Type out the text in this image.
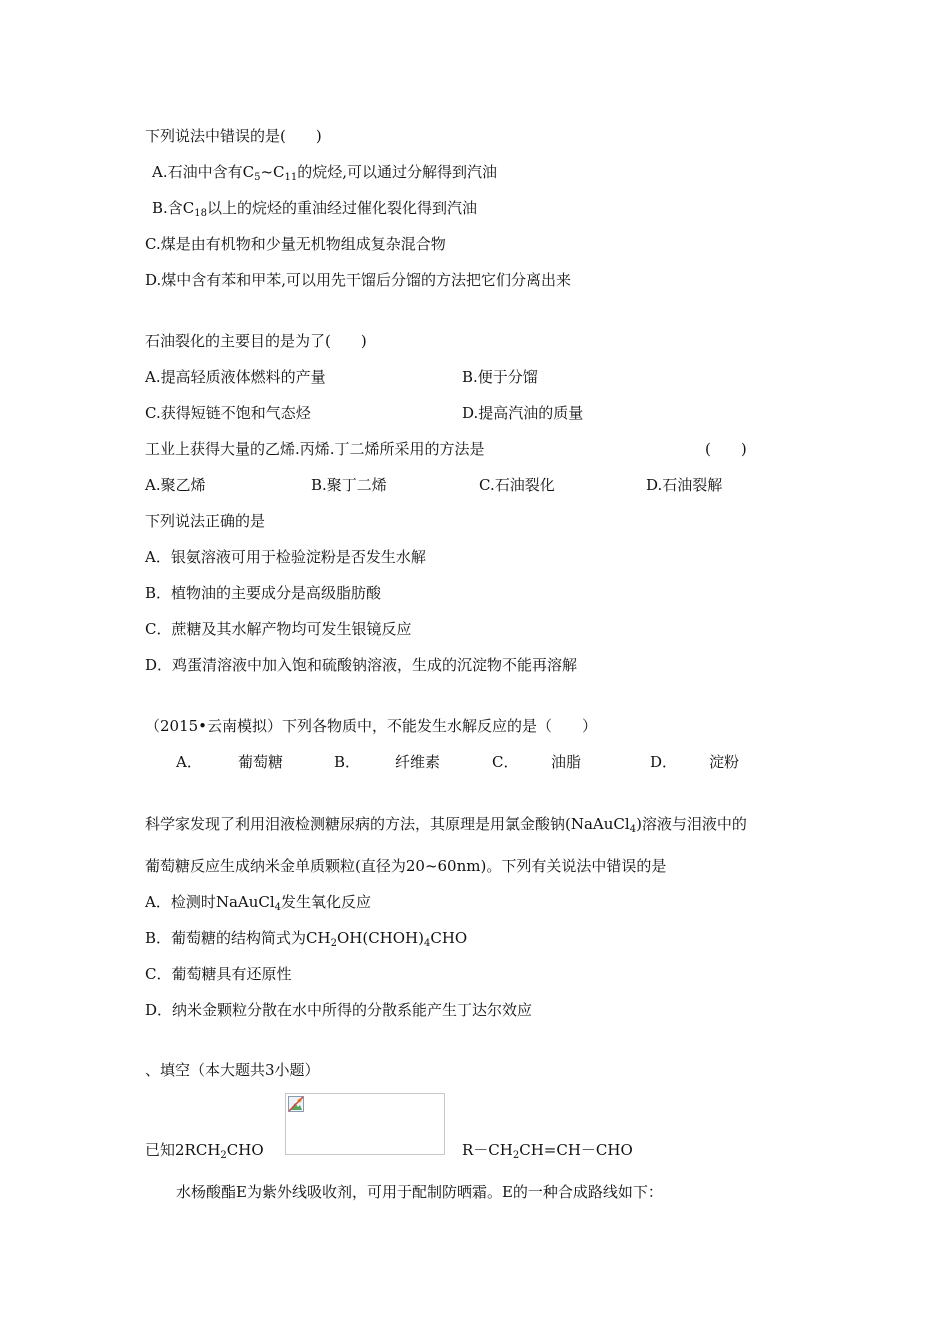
下列说法中错误的是(　　)
A.石油中含有$C_5\sim C_{11}$的烷烃,可以通过分解得到汽油
B.含$C_{18}$以上的烷烃的重油经过催化裂化得到汽油
C.煤是由有机物和少量无机物组成复杂混合物
D.煤中含有苯和甲苯,可以用先干馏后分馏的方法把它们分离出来
石油裂化的主要目的是为了(　　)
A.提高轻质液体燃料的产量	B.便于分馏
C.获得短链不饱和气态烃	D.提高汽油的质量
工业上获得大量的乙烯.丙烯.丁二烯所采用的方法是	(　　)
A.聚乙烯	B.聚丁二烯	C.石油裂化	D.石油裂解
下列说法正确的是
A．银氨溶液可用于检验淀粉是否发生水解
B．植物油的主要成分是高级脂肪酸
C．蔗糖及其水解产物均可发生银镜反应
D．鸡蛋清溶液中加入饱和硫酸钠溶液，生成的沉淀物不能再溶解
（2015•云南模拟）下列各物质中，不能发生水解反应的是（　　）
A． 葡萄糖	B． 纤维素	C． 油脂	D． 淀粉
科学家发现了利用泪液检测糖尿病的方法，其原理是用氯金酸钠(NaAuCl$_4$)溶液与泪液中的
葡萄糖反应生成纳米金单质颗粒(直径为20~60nm)。下列有关说法中错误的是
A．检测时NaAuCl$_4$发生氧化反应
B．葡萄糖的结构简式为$CH_2OH(CHOH)_4CHO$
C．葡萄糖具有还原性
D．纳米金颗粒分散在水中所得的分散系能产生丁达尔效应
、填空（本大题共3小题）
已知$2RCH_2CHO$	$R-CH_2CH=CH-CHO$
水杨酸酯E为紫外线吸收剂，可用于配制防晒霜。E的一种合成路线如下：
